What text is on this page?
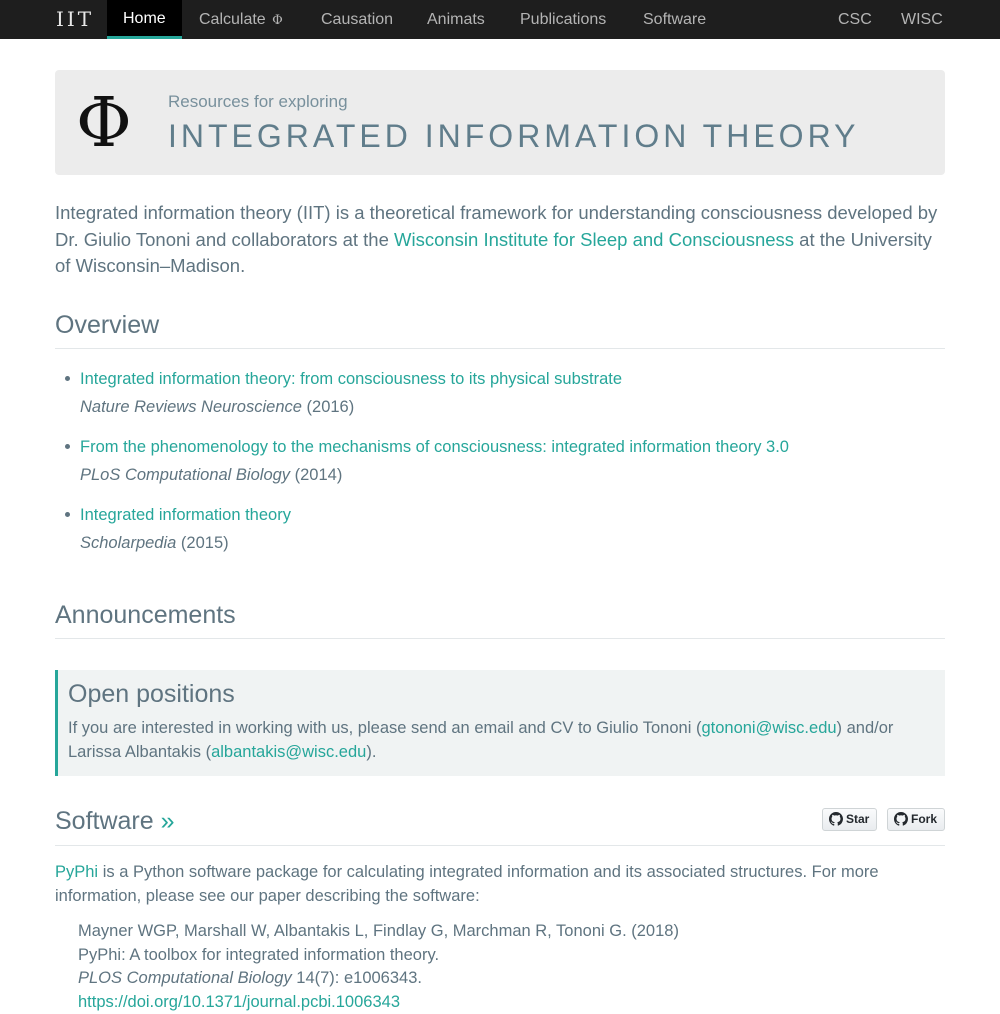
IIT	Home	Calculate Φ Causation Animats Publications Software	CSC WISC
Φ Resources for exploring
INTEGRATED INFORMATION THEORY

Integrated information theory (IIT) is a theoretical framework for understanding consciousness developed by Dr. Giulio Tononi and collaborators at the Wisconsin Institute for Sleep and Consciousness at the University of Wisconsin–Madison.

Overview
Integrated information theory: from consciousness to its physical substrate
Nature Reviews Neuroscience (2016)
From the phenomenology to the mechanisms of consciousness: integrated information theory 3.0
PLoS Computational Biology (2014)
Integrated information theory
Scholarpedia (2015)
Announcements
Open positions

If you are interested in working with us, please send an email and CV to Giulio Tononi (gtononi@wisc.edu) and/or Larissa Albantakis (albantakis@wisc.edu).

Software »	Star	Fork

PyPhi is a Python software package for calculating integrated information and its associated structures. For more information, please see our paper describing the software:

Mayner WGP, Marshall W, Albantakis L, Findlay G, Marchman R, Tononi G. (2018)
PyPhi: A toolbox for integrated information theory.
PLOS Computational Biology 14(7): e1006343.
https://doi.org/10.1371/journal.pcbi.1006343
